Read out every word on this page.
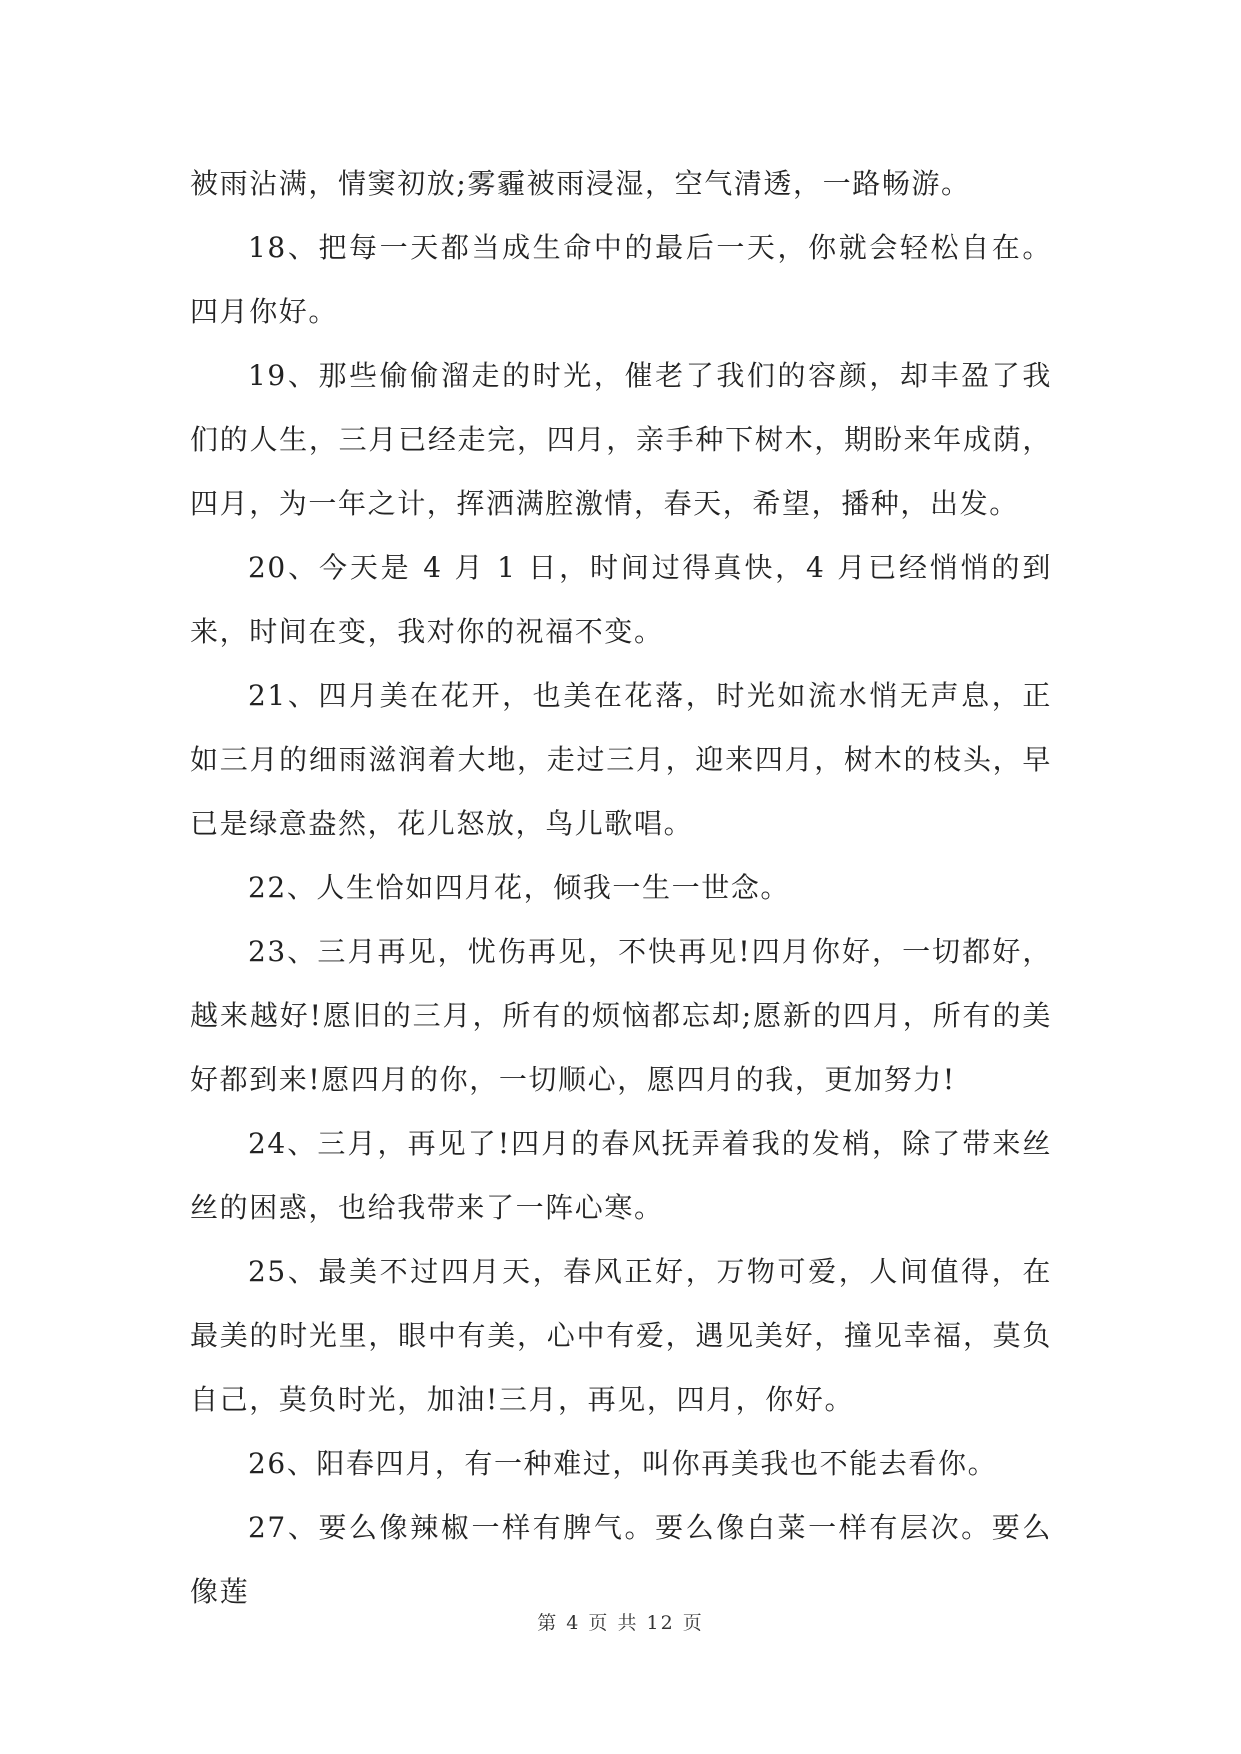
被雨沾满，情窦初放;雾霾被雨浸湿，空气清透，一路畅游。

18、把每一天都当成生命中的最后一天，你就会轻松自在。四月你好。

19、那些偷偷溜走的时光，催老了我们的容颜，却丰盈了我们的人生，三月已经走完，四月，亲手种下树木，期盼来年成荫，四月，为一年之计，挥洒满腔激情，春天，希望，播种，出发。

20、今天是 4 月 1 日，时间过得真快，4 月已经悄悄的到来，时间在变，我对你的祝福不变。

21、四月美在花开，也美在花落，时光如流水悄无声息，正如三月的细雨滋润着大地，走过三月，迎来四月，树木的枝头，早已是绿意盎然，花儿怒放，鸟儿歌唱。

22、人生恰如四月花，倾我一生一世念。

23、三月再见，忧伤再见，不快再见!四月你好，一切都好，越来越好!愿旧的三月，所有的烦恼都忘却;愿新的四月，所有的美好都到来!愿四月的你，一切顺心，愿四月的我，更加努力!

24、三月，再见了!四月的春风抚弄着我的发梢，除了带来丝丝的困惑，也给我带来了一阵心寒。

25、最美不过四月天，春风正好，万物可爱，人间值得，在最美的时光里，眼中有美，心中有爱，遇见美好，撞见幸福，莫负自己，莫负时光，加油!三月，再见，四月，你好。

26、阳春四月，有一种难过，叫你再美我也不能去看你。

27、要么像辣椒一样有脾气。要么像白菜一样有层次。要么像莲

第 4 页 共 12 页
